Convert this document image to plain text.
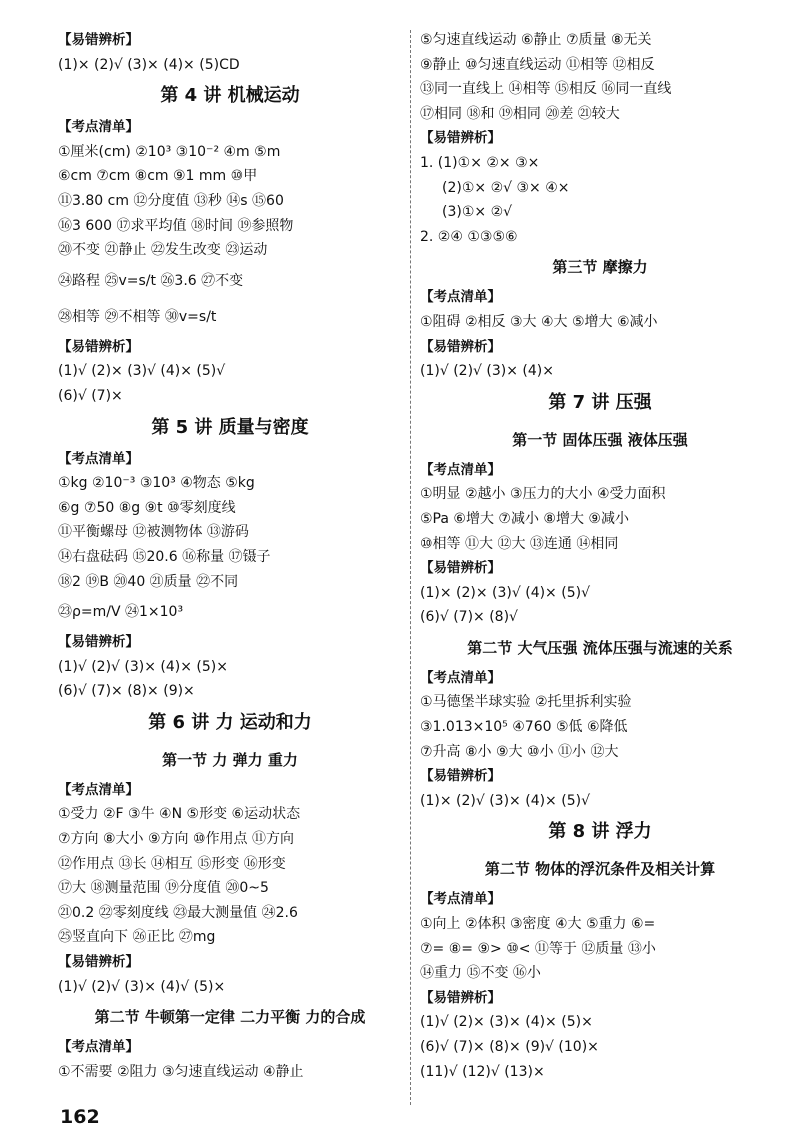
【易错辨析】
(1)× (2)√ (3)× (4)× (5)CD
第 4 讲 机械运动
【考点清单】
①厘米(cm) ②10³ ③10⁻² ④m ⑤m
⑥cm ⑦cm ⑧cm ⑨1 mm ⑩甲
⑪3.80 cm ⑫分度值 ⑬秒 ⑭s ⑮60
⑯3 600 ⑰求平均值 ⑱时间 ⑲参照物
⑳不变 ㉑静止 ㉒发生改变 ㉓运动
㉔路程 ㉕v=s/t ㉖3.6 ㉗不变
㉘相等 ㉙不相等 ㉚v=s/t
【易错辨析】
(1)√ (2)× (3)√ (4)× (5)√
(6)√ (7)×
第 5 讲 质量与密度
【考点清单】
①kg ②10⁻³ ③10³ ④物态 ⑤kg
⑥g ⑦50 ⑧g ⑨t ⑩零刻度线
⑪平衡螺母 ⑫被测物体 ⑬游码
⑭右盘砝码 ⑮20.6 ⑯称量 ⑰镊子
⑱2 ⑲B ⑳40 ㉑质量 ㉒不同
㉓ρ=m/V ㉔1×10³
【易错辨析】
(1)√ (2)√ (3)× (4)× (5)×
(6)√ (7)× (8)× (9)×
第 6 讲 力 运动和力
第一节 力 弹力 重力
【考点清单】
①受力 ②F ③牛 ④N ⑤形变 ⑥运动状态
⑦方向 ⑧大小 ⑨方向 ⑩作用点 ⑪方向
⑫作用点 ⑬长 ⑭相互 ⑮形变 ⑯形变
⑰大 ⑱测量范围 ⑲分度值 ⑳0~5
㉑0.2 ㉒零刻度线 ㉓最大测量值 ㉔2.6
㉕竖直向下 ㉖正比 ㉗mg
【易错辨析】
(1)√ (2)√ (3)× (4)√ (5)×
第二节 牛顿第一定律 二力平衡 力的合成
【考点清单】
①不需要 ②阻力 ③匀速直线运动 ④静止
⑤匀速直线运动 ⑥静止 ⑦质量 ⑧无关
⑨静止 ⑩匀速直线运动 ⑪相等 ⑫相反
⑬同一直线上 ⑭相等 ⑮相反 ⑯同一直线
⑰相同 ⑱和 ⑲相同 ⑳差 ㉑较大
【易错辨析】
1. (1)①× ②× ③×
(2)①× ②√ ③× ④×
(3)①× ②√
2. ②④ ①③⑤⑥
第三节 摩擦力
【考点清单】
①阻碍 ②相反 ③大 ④大 ⑤增大 ⑥减小
【易错辨析】
(1)√ (2)√ (3)× (4)×
第 7 讲 压强
第一节 固体压强 液体压强
【考点清单】
①明显 ②越小 ③压力的大小 ④受力面积
⑤Pa ⑥增大 ⑦减小 ⑧增大 ⑨减小
⑩相等 ⑪大 ⑫大 ⑬连通 ⑭相同
【易错辨析】
(1)× (2)× (3)√ (4)× (5)√
(6)√ (7)× (8)√
第二节 大气压强 流体压强与流速的关系
【考点清单】
①马德堡半球实验 ②托里拆利实验
③1.013×10⁵ ④760 ⑤低 ⑥降低
⑦升高 ⑧小 ⑨大 ⑩小 ⑪小 ⑫大
【易错辨析】
(1)× (2)√ (3)× (4)× (5)√
第 8 讲 浮力
第二节 物体的浮沉条件及相关计算
【考点清单】
①向上 ②体积 ③密度 ④大 ⑤重力 ⑥=
⑦= ⑧= ⑨> ⑩< ⑪等于 ⑫质量 ⑬小
⑭重力 ⑮不变 ⑯小
【易错辨析】
(1)√ (2)× (3)× (4)× (5)×
(6)√ (7)× (8)× (9)√ (10)×
(11)√ (12)√ (13)×
162
